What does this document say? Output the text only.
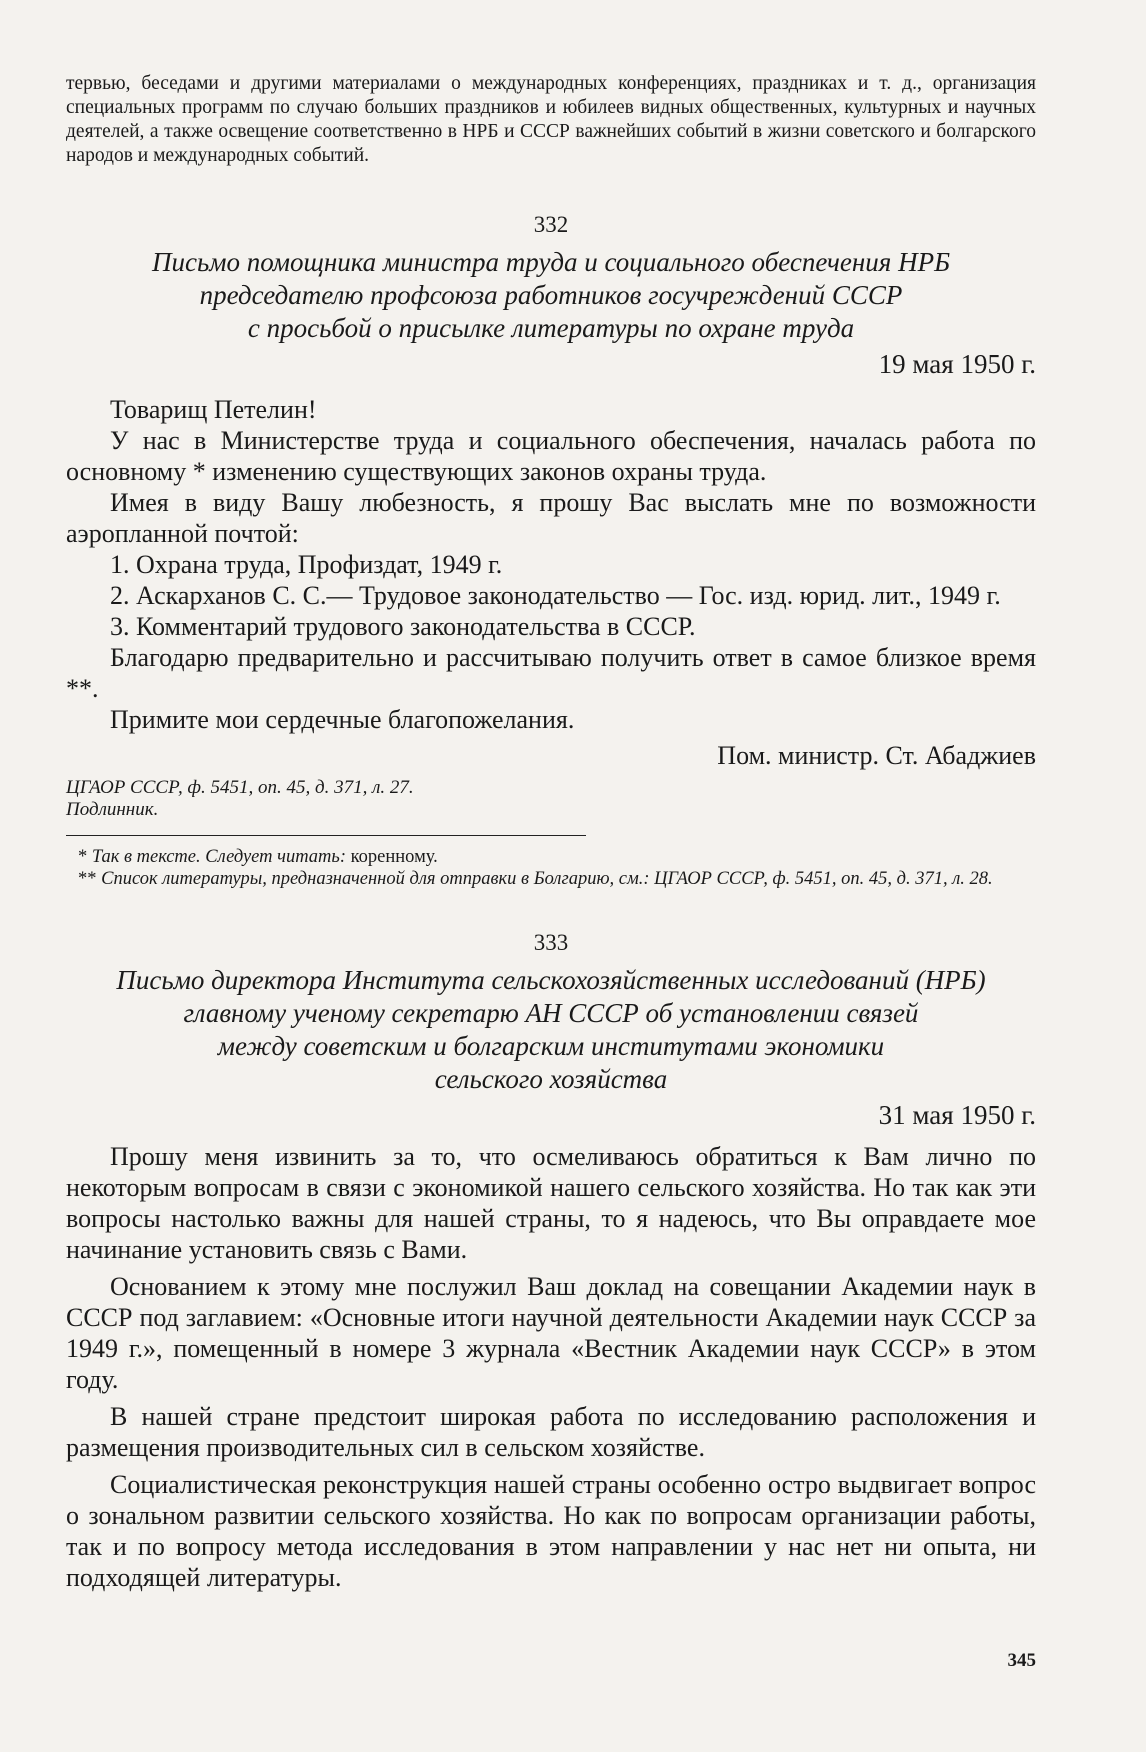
тервью, беседами и другими материалами о международных конференциях, праздниках и т. д., организация специальных программ по случаю больших праздников и юбилеев видных общественных, культурных и научных деятелей, а также освещение соответственно в НРБ и СССР важнейших событий в жизни советского и болгарского народов и международных событий.

332

Письмо помощника министра труда и социального обеспечения НРБ
председателю профсоюза работников госучреждений СССР
с просьбой о присылке литературы по охране труда

19 мая 1950 г.

Товарищ Петелин!

У нас в Министерстве труда и социального обеспечения, началась работа по основному * изменению существующих законов охраны труда.

Имея в виду Вашу любезность, я прошу Вас выслать мне по возможности аэропланной почтой:

1. Охрана труда, Профиздат, 1949 г.

2. Аскарханов С. С.— Трудовое законодательство — Гос. изд. юрид. лит., 1949 г.

3. Комментарий трудового законодательства в СССР.

Благодарю предварительно и рассчитываю получить ответ в самое близкое время **.

Примите мои сердечные благопожелания.

Пом. министр. Ст. Абаджиев

ЦГАОР СССР, ф. 5451, оп. 45, д. 371, л. 27.

Подлинник.

* Так в тексте. Следует читать: коренному.

** Список литературы, предназначенной для отправки в Болгарию, см.: ЦГАОР СССР, ф. 5451, оп. 45, д. 371, л. 28.

333

Письмо директора Института сельскохозяйственных исследований (НРБ)
главному ученому секретарю АН СССР об установлении связей
между советским и болгарским институтами экономики
сельского хозяйства

31 мая 1950 г.

Прошу меня извинить за то, что осмеливаюсь обратиться к Вам лично по некоторым вопросам в связи с экономикой нашего сельского хозяйства. Но так как эти вопросы настолько важны для нашей страны, то я надеюсь, что Вы оправдаете мое начинание установить связь с Вами.

Основанием к этому мне послужил Ваш доклад на совещании Академии наук в СССР под заглавием: «Основные итоги научной деятельности Академии наук СССР за 1949 г.», помещенный в номере 3 журнала «Вестник Академии наук СССР» в этом году.

В нашей стране предстоит широкая работа по исследованию расположения и размещения производительных сил в сельском хозяйстве.

Социалистическая реконструкция нашей страны особенно остро выдвигает вопрос о зональном развитии сельского хозяйства. Но как по вопросам организации работы, так и по вопросу метода исследования в этом направлении у нас нет ни опыта, ни подходящей литературы.

345
